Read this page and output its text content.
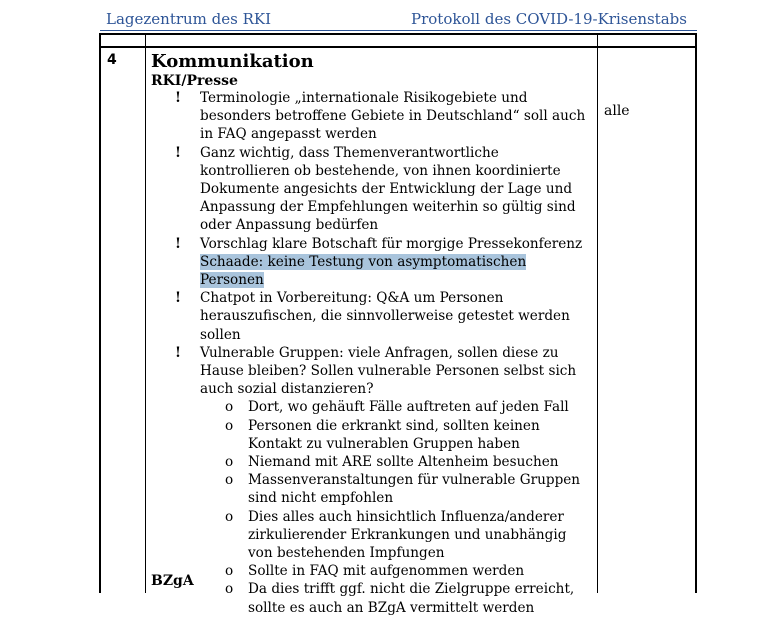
Lagezentrum des RKI	Protokoll des COVID-19-Krisenstabs
4 Kommunikation
RKI/Presse
alle
! Terminologie „internationale Risikogebiete und besonders betroffene Gebiete in Deutschland“ soll auch in FAQ angepasst werden
! Ganz wichtig, dass Themenverantwortliche kontrollieren ob bestehende, von ihnen koordinierte Dokumente angesichts der Entwicklung der Lage und Anpassung der Empfehlungen weiterhin so gültig sind oder Anpassung bedürfen
! Vorschlag klare Botschaft für morgige Pressekonferenz
Schaade: keine Testung von asymptomatischen Personen
! Chatpot in Vorbereitung: Q&A um Personen herauszufischen, die sinnvollerweise getestet werden sollen
! Vulnerable Gruppen: viele Anfragen, sollen diese zu Hause bleiben? Sollen vulnerable Personen selbst sich auch sozial distanzieren?
o Dort, wo gehäuft Fälle auftreten auf jeden Fall
o Personen die erkrankt sind, sollten keinen Kontakt zu vulnerablen Gruppen haben
o Niemand mit ARE sollte Altenheim besuchen
o Massenveranstaltungen für vulnerable Gruppen sind nicht empfohlen
o Dies alles auch hinsichtlich Influenza/anderer zirkulierender Erkrankungen und unabhängig von bestehenden Impfungen
o Sollte in FAQ mit aufgenommen werden
o Da dies trifft ggf. nicht die Zielgruppe erreicht, sollte es auch an BZgA vermittelt werden
BZgA
